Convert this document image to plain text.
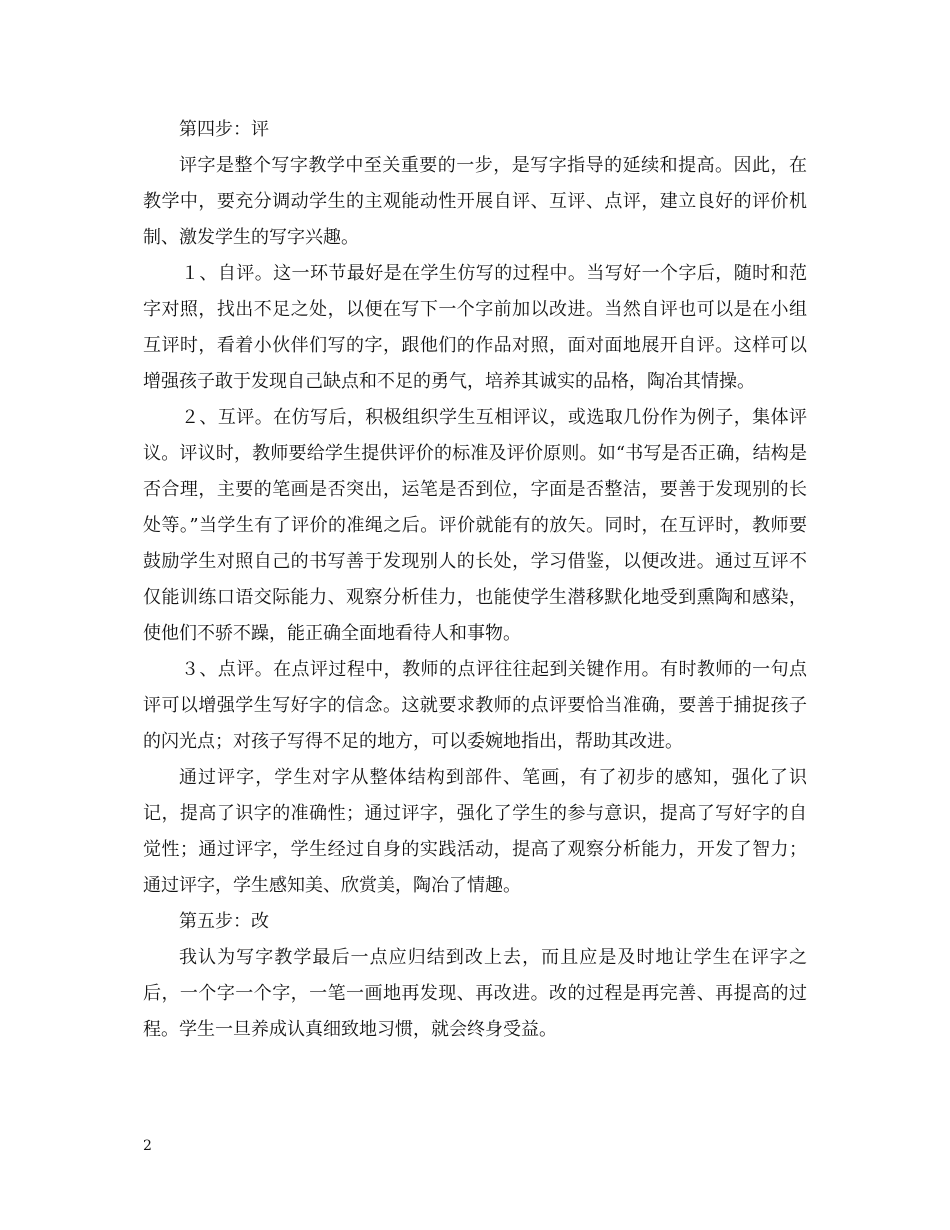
第四步：评

评字是整个写字教学中至关重要的一步，是写字指导的延续和提高。因此，在教学中，要充分调动学生的主观能动性开展自评、互评、点评，建立良好的评价机制、激发学生的写字兴趣。

１、自评。这一环节最好是在学生仿写的过程中。当写好一个字后，随时和范字对照，找出不足之处，以便在写下一个字前加以改进。当然自评也可以是在小组互评时，看着小伙伴们写的字，跟他们的作品对照，面对面地展开自评。这样可以增强孩子敢于发现自己缺点和不足的勇气，培养其诚实的品格，陶冶其情操。

２、互评。在仿写后，积极组织学生互相评议，或选取几份作为例子，集体评议。评议时，教师要给学生提供评价的标准及评价原则。如“书写是否正确，结构是否合理，主要的笔画是否突出，运笔是否到位，字面是否整洁，要善于发现别的长处等。”当学生有了评价的准绳之后。评价就能有的放矢。同时，在互评时，教师要鼓励学生对照自己的书写善于发现别人的长处，学习借鉴，以便改进。通过互评不仅能训练口语交际能力、观察分析佳力，也能使学生潜移默化地受到熏陶和感染，使他们不骄不躁，能正确全面地看待人和事物。

３、点评。在点评过程中，教师的点评往往起到关键作用。有时教师的一句点评可以增强学生写好字的信念。这就要求教师的点评要恰当准确，要善于捕捉孩子的闪光点；对孩子写得不足的地方，可以委婉地指出，帮助其改进。

通过评字，学生对字从整体结构到部件、笔画，有了初步的感知，强化了识记，提高了识字的准确性；通过评字，强化了学生的参与意识，提高了写好字的自觉性；通过评字，学生经过自身的实践活动，提高了观察分析能力，开发了智力；通过评字，学生感知美、欣赏美，陶冶了情趣。

第五步：改

我认为写字教学最后一点应归结到改上去，而且应是及时地让学生在评字之后，一个字一个字，一笔一画地再发现、再改进。改的过程是再完善、再提高的过程。学生一旦养成认真细致地习惯，就会终身受益。

2
